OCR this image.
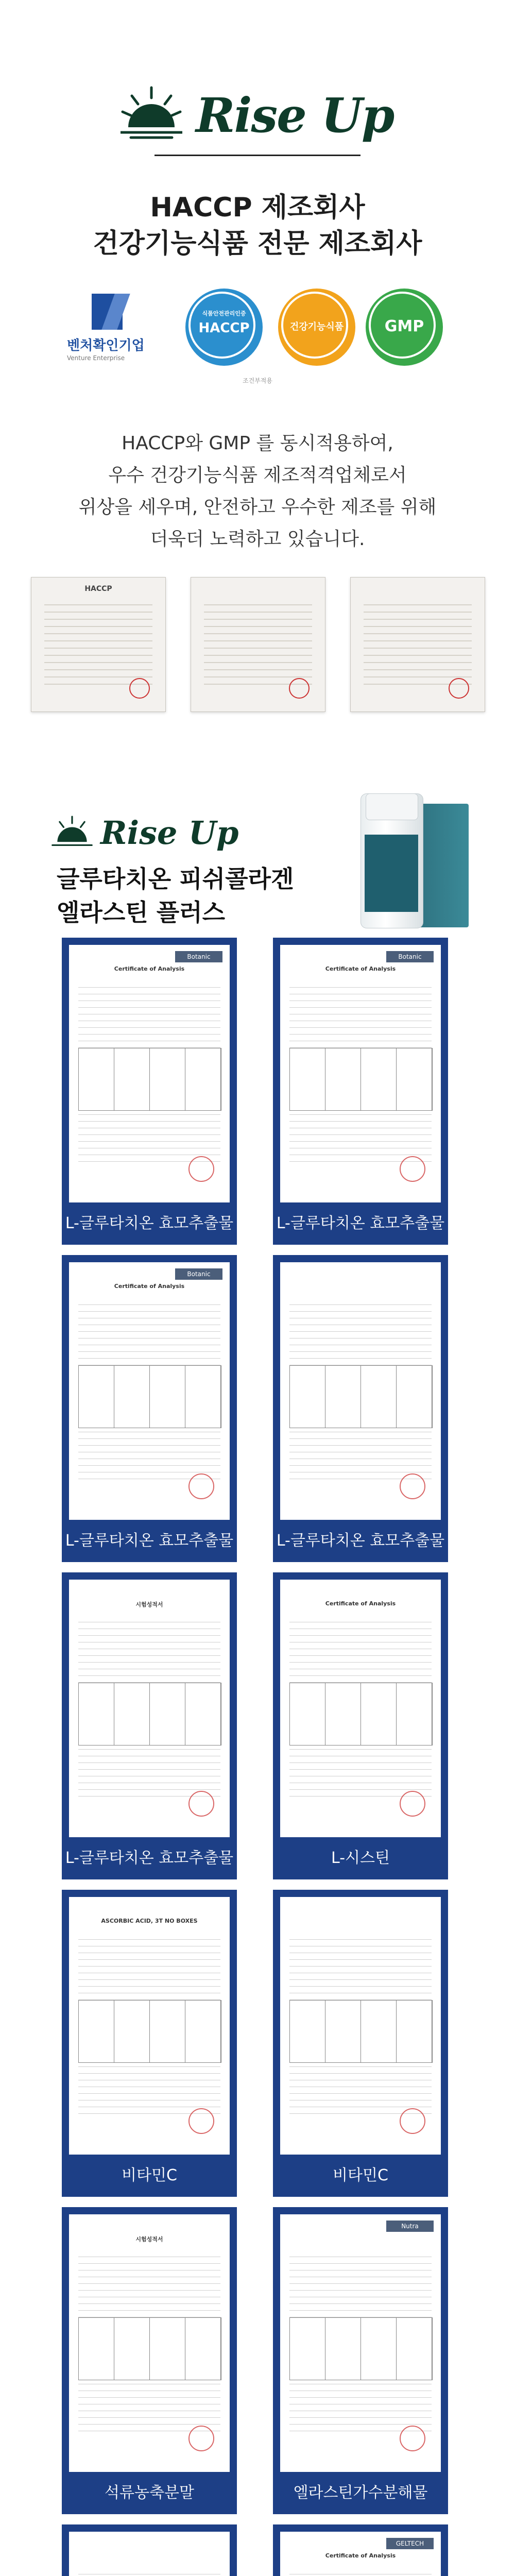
Rise Up
HACCP 제조회사
건강기능식품 전문 제조회사
벤처확인기업
Venture Enterprise
식품안전관리인증
HACCP	건강기능식품	GMP
조건부적용
HACCP와 GMP 를 동시적용하여,
우수 건강기능식품 제조적격업체로서
위상을 세우며, 안전하고 우수한 제조를 위해
더욱더 노력하고 있습니다.
HACCP
Rise Up
글루타치온 피쉬콜라겐
엘라스틴 플러스
Botanic
Certificate of Analysis
L-글루타치온 효모추출물
Botanic
Certificate of Analysis
L-글루타치온 효모추출물
Botanic
Certificate of Analysis
L-글루타치온 효모추출물	L-글루타치온 효모추출물
시험성적서
L-글루타치온 효모추출물
Certificate of Analysis
L-시스틴
ASCORBIC ACID, 3T NO BOXES
비타민C	비타민C
시험성적서
석류농축분말
Nutra
엘라스틴가수분해물
GELTECH
Certificate of Analysis
